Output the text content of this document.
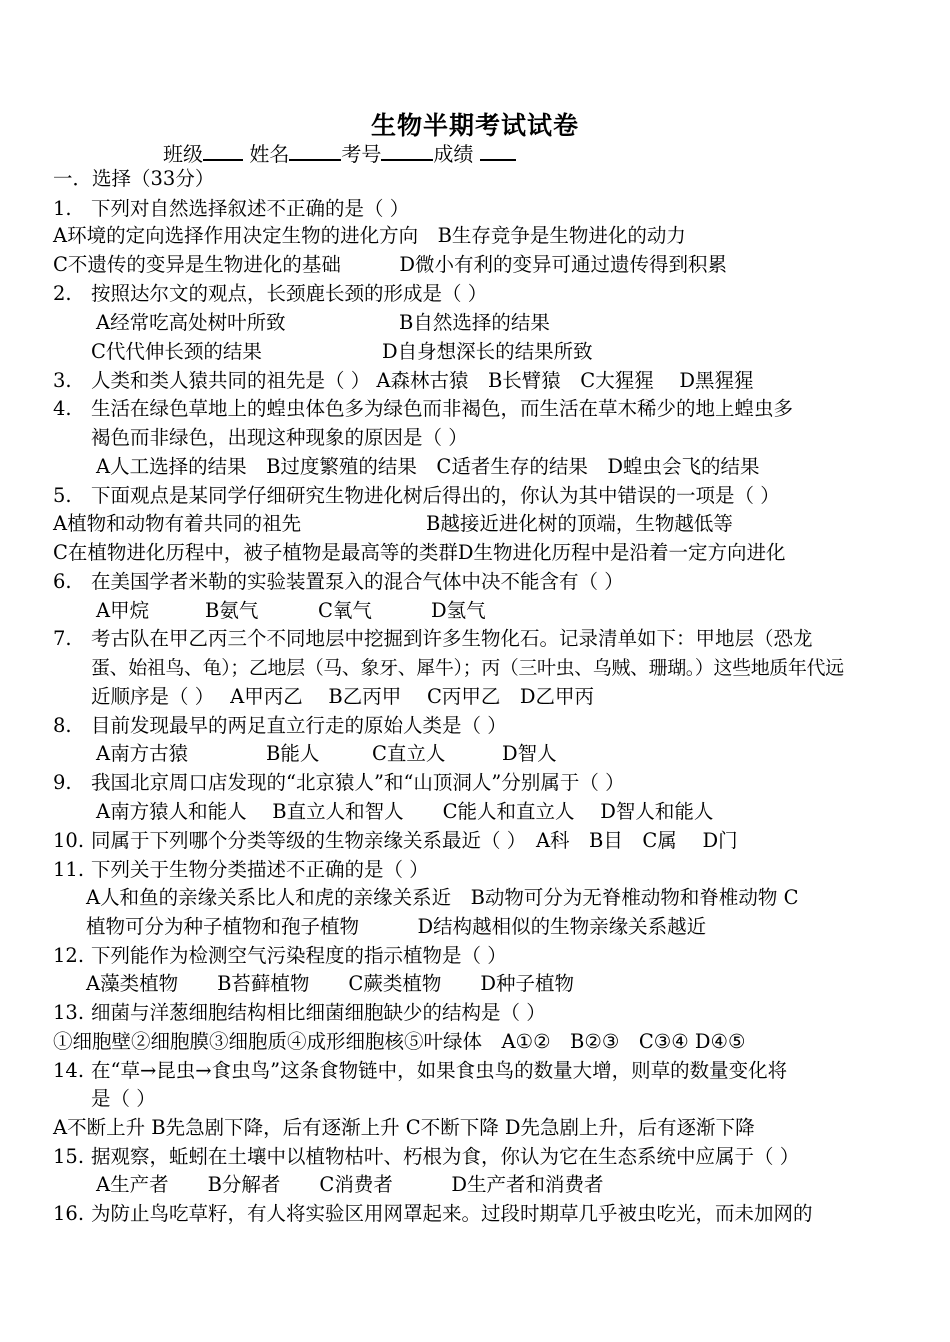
生物半期考试试卷
班级 姓名	考号	成绩
一．选择（33分）
1. 下列对自然选择叙述不正确的是（ ）
A环境的定向选择作用决定生物的进化方向　B生存竞争是生物进化的动力
C不遗传的变异是生物进化的基础　　　D微小有利的变异可通过遗传得到积累
2. 按照达尔文的观点，长颈鹿长颈的形成是（ ）
A经常吃高处树叶所致	B自然选择的结果
C代代伸长颈的结果	D自身想深长的结果所致
3. 人类和类人猿共同的祖先是（ ） A森林古猿　B长臂猿　C大猩猩　 D黑猩猩
4. 生活在绿色草地上的蝗虫体色多为绿色而非褐色，而生活在草木稀少的地上蝗虫多
褐色而非绿色，出现这种现象的原因是（ ）
A人工选择的结果　B过度繁殖的结果　C适者生存的结果　D蝗虫会飞的结果
5. 下面观点是某同学仔细研究生物进化树后得出的，你认为其中错误的一项是（ ）
A植物和动物有着共同的祖先	B越接近进化树的顶端，生物越低等
C在植物进化历程中，被子植物是最高等的类群D生物进化历程中是沿着一定方向进化
6. 在美国学者米勒的实验装置泵入的混合气体中决不能含有（ ）
A甲烷	B氨气	C氧气	D氢气
7. 考古队在甲乙丙三个不同地层中挖掘到许多生物化石。记录清单如下：甲地层（恐龙
蛋、始祖鸟、龟）；乙地层（马、象牙、犀牛）；丙（三叶虫、乌贼、珊瑚。）这些地质年代远
近顺序是（ ）　 A甲丙乙　 B乙丙甲　 C丙甲乙　D乙甲丙
8. 目前发现最早的两足直立行走的原始人类是（ ）
A南方古猿	B能人	C直立人	D智人
9. 我国北京周口店发现的“北京猿人”和“山顶洞人”分别属于（ ）
A南方猿人和能人　 B直立人和智人　　C能人和直立人　 D智人和能人
10. 同属于下列哪个分类等级的生物亲缘关系最近（ ）　A科　B目　C属　 D门
11. 下列关于生物分类描述不正确的是（ ）
A人和鱼的亲缘关系比人和虎的亲缘关系近　B动物可分为无脊椎动物和脊椎动物 C
植物可分为种子植物和孢子植物　　　D结构越相似的生物亲缘关系越近
12. 下列能作为检测空气污染程度的指示植物是（ ）
A藻类植物　　B苔藓植物　　C蕨类植物　　D种子植物
13. 细菌与洋葱细胞结构相比细菌细胞缺少的结构是（ ）
①细胞壁②细胞膜③细胞质④成形细胞核⑤叶绿体　A①②　B②③　C③④ D④⑤
14. 在“草→昆虫→食虫鸟”这条食物链中，如果食虫鸟的数量大增，则草的数量变化将
是（ ）
A不断上升 B先急剧下降，后有逐渐上升 C不断下降 D先急剧上升，后有逐渐下降
15. 据观察，蚯蚓在土壤中以植物枯叶、朽根为食，你认为它在生态系统中应属于（ ）
A生产者　　B分解者　　C消费者　　　D生产者和消费者
16. 为防止鸟吃草籽，有人将实验区用网罩起来。过段时期草几乎被虫吃光，而未加网的
